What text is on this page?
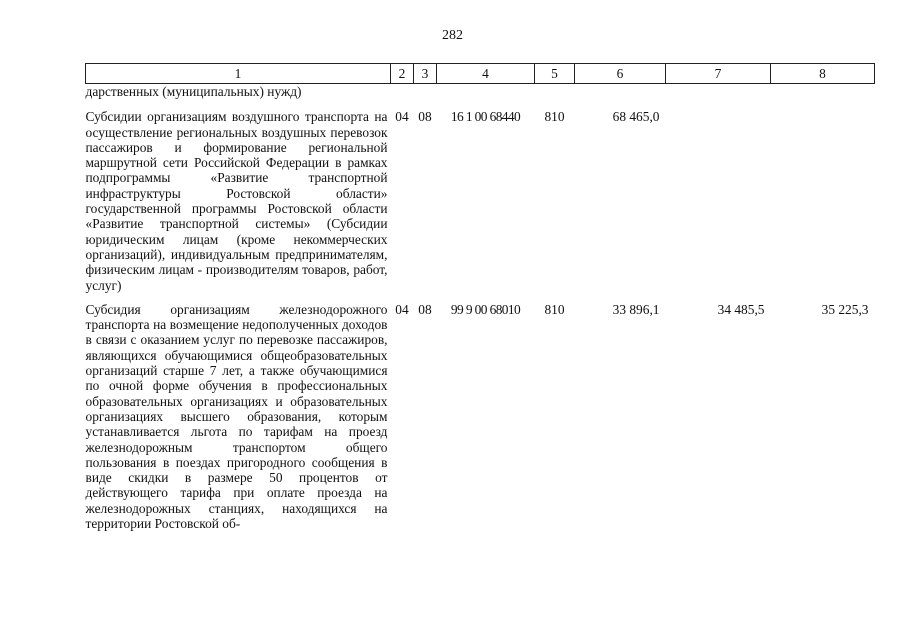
282
1	2	3	4	5	6	7	8
дарственных (муниципальных) нужд)							
Субсидии организациям воздушного транспорта на осуществление региональных воздушных перевозок пассажиров и формирование региональной маршрутной сети Российской Федерации в рамках подпрограммы «Развитие транспортной инфраструктуры Ростовской области» государственной программы Ростовской области «Развитие транспортной системы» (Субсидии юридическим лицам (кроме некоммерческих организаций), индивидуальным предпринимателям, физическим лицам - производителям товаров, работ, услуг)	04	08	16 1 00 68440	810	68 465,0		
Субсидия организациям железнодорожного транспорта на возмещение недополученных доходов в связи с оказанием услуг по перевозке пассажиров, являющихся обучающимися общеобразовательных организаций старше 7 лет, а также обучающимися по очной форме обучения в профессиональных образовательных организациях и образовательных организациях высшего образования, которым устанавливается льгота по тарифам на проезд железнодорожным транспортом общего пользования в поездах пригородного сообщения в виде скидки в размере 50 процентов от действующего тарифа при оплате проезда на железнодорожных станциях, находящихся на территории Ростовской об-	04	08	99 9 00 68010	810	33 896,1	34 485,5	35 225,3
